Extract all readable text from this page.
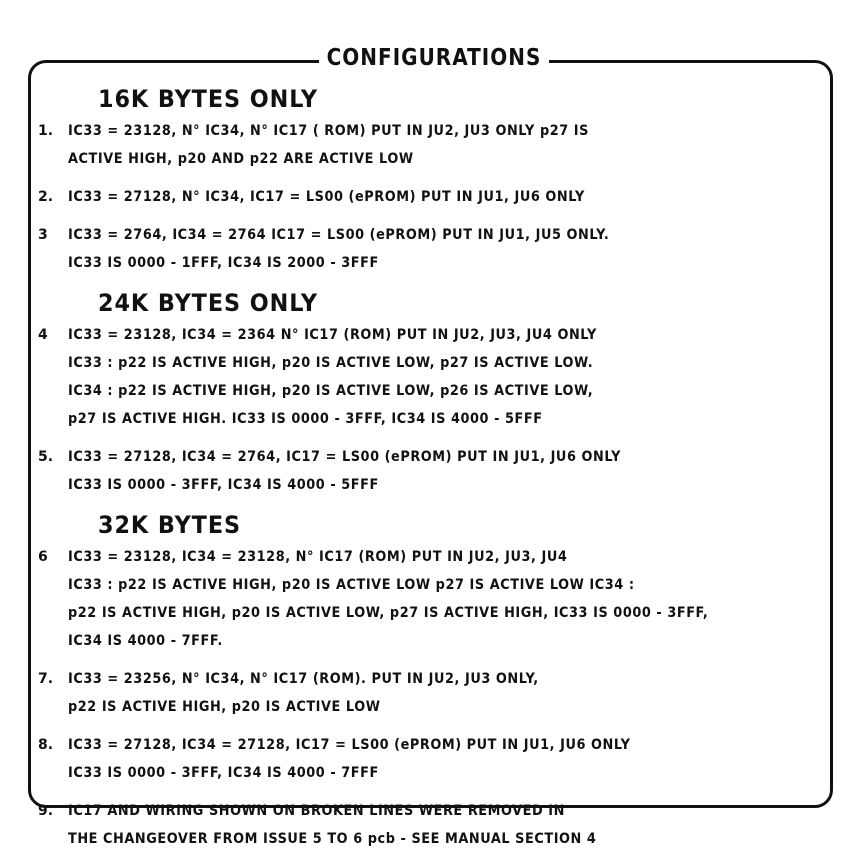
CONFIGURATIONS
16K BYTES ONLY
1.	IC33 = 23128, N° IC34, N° IC17 ( ROM) PUT IN JU2, JU3 ONLY p27 IS
ACTIVE HIGH, p20 AND p22 ARE ACTIVE LOW
2.	IC33 = 27128, N° IC34, IC17 = LS00 (ePROM) PUT IN JU1, JU6 ONLY
3	IC33 = 2764, IC34 = 2764 IC17 = LS00 (ePROM) PUT IN JU1, JU5 ONLY.
IC33 IS 0000 - 1FFF, IC34 IS 2000 - 3FFF
24K BYTES ONLY
4	IC33 = 23128, IC34 = 2364 N° IC17 (ROM) PUT IN JU2, JU3, JU4 ONLY
IC33 : p22 IS ACTIVE HIGH, p20 IS ACTIVE LOW, p27 IS ACTIVE LOW.
IC34 : p22 IS ACTIVE HIGH, p20 IS ACTIVE LOW, p26 IS ACTIVE LOW,
p27 IS ACTIVE HIGH. IC33 IS 0000 - 3FFF, IC34 IS 4000 - 5FFF
5.	IC33 = 27128, IC34 = 2764, IC17 = LS00 (ePROM) PUT IN JU1, JU6 ONLY
IC33 IS 0000 - 3FFF, IC34 IS 4000 - 5FFF
32K BYTES
6	IC33 = 23128, IC34 = 23128, N° IC17 (ROM) PUT IN JU2, JU3, JU4
IC33 : p22 IS ACTIVE HIGH, p20 IS ACTIVE LOW p27 IS ACTIVE LOW IC34 :
p22 IS ACTIVE HIGH, p20 IS ACTIVE LOW, p27 IS ACTIVE HIGH, IC33 IS 0000 - 3FFF,
IC34 IS 4000 - 7FFF.
7.	IC33 = 23256, N° IC34, N° IC17 (ROM). PUT IN JU2, JU3 ONLY,
p22 IS ACTIVE HIGH, p20 IS ACTIVE LOW
8.	IC33 = 27128, IC34 = 27128, IC17 = LS00 (ePROM) PUT IN JU1, JU6 ONLY
IC33 IS 0000 - 3FFF, IC34 IS 4000 - 7FFF
9.	IC17 AND WIRING SHOWN ON BROKEN LINES WERE REMOVED IN
THE CHANGEOVER FROM ISSUE 5 TO 6 pcb - SEE MANUAL SECTION 4
